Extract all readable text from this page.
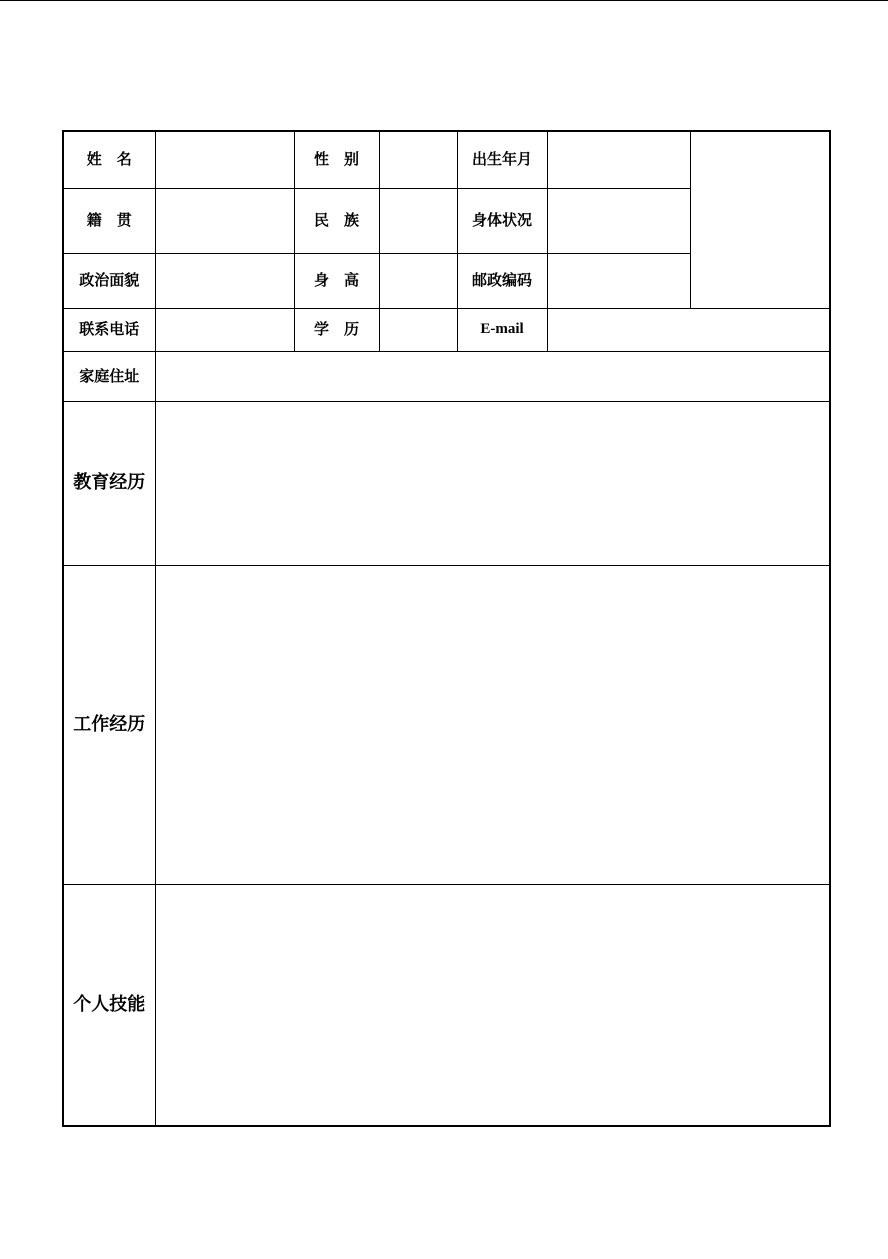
姓　名		性　别		出生年月		
籍　贯		民　族		身体状况		
政治面貌		身　高		邮政编码		
联系电话		学　历		E-mail		
家庭住址						
教育经历						
工作经历						
个人技能						
